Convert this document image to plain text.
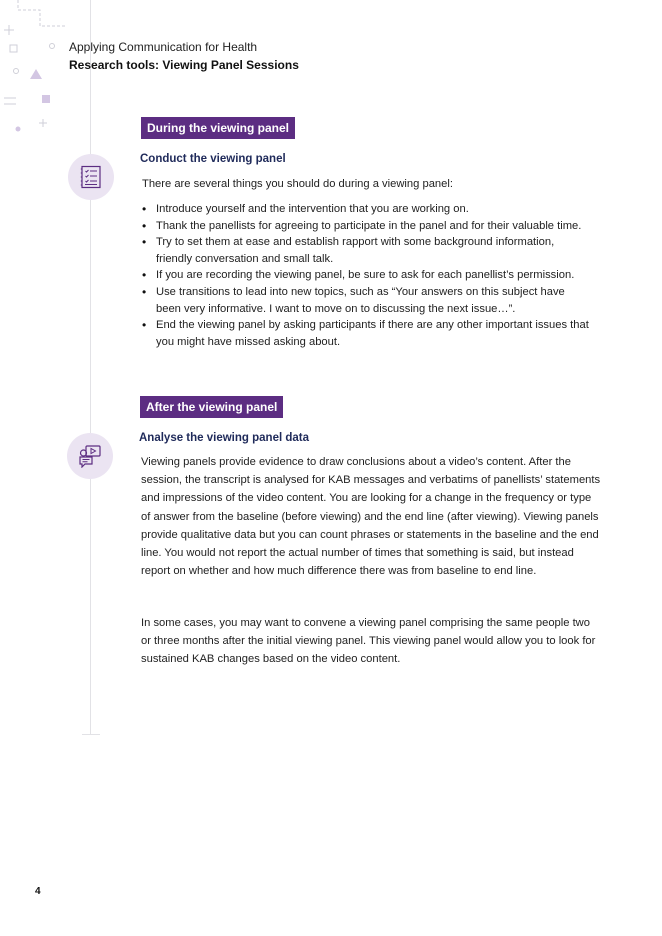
Applying Communication for Health
Research tools: Viewing Panel Sessions
During the viewing panel
Conduct the viewing panel
There are several things you should do during a viewing panel:
• Introduce yourself and the intervention that you are working on.
• Thank the panellists for agreeing to participate in the panel and for their valuable time.
• Try to set them at ease and establish rapport with some background information, friendly conversation and small talk.
• If you are recording the viewing panel, be sure to ask for each panellist’s permission.
• Use transitions to lead into new topics, such as “Your answers on this subject have been very informative. I want to move on to discussing the next issue…”.
• End the viewing panel by asking participants if there are any other important issues that you might have missed asking about.
After the viewing panel
Analyse the viewing panel data
Viewing panels provide evidence to draw conclusions about a video’s content. After the session, the transcript is analysed for KAB messages and verbatims of panellists’ statements and impressions of the video content. You are looking for a change in the frequency or type of answer from the baseline (before viewing) and the end line (after viewing). Viewing panels provide qualitative data but you can count phrases or statements in the baseline and the end line. You would not report the actual number of times that something is said, but instead report on whether and how much difference there was from baseline to end line.
In some cases, you may want to convene a viewing panel comprising the same people two or three months after the initial viewing panel. This viewing panel would allow you to look for sustained KAB changes based on the video content.
4
